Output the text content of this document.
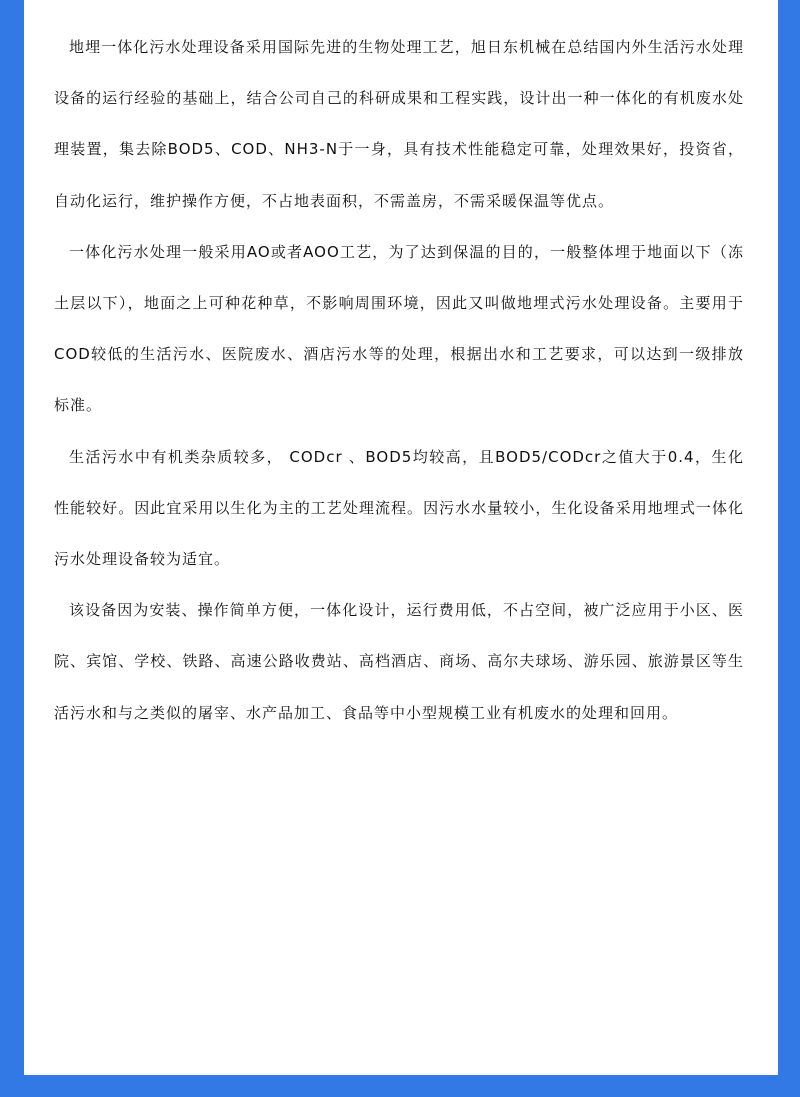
地埋一体化污水处理设备采用国际先进的生物处理工艺，旭日东机械在总结国内外生活污水处理设备的运行经验的基础上，结合公司自己的科研成果和工程实践，设计出一种一体化的有机废水处理装置，集去除BOD5、COD、NH3-N于一身，具有技术性能稳定可靠，处理效果好，投资省，自动化运行，维护操作方便，不占地表面积，不需盖房，不需采暖保温等优点。

一体化污水处理一般采用AO或者AOO工艺，为了达到保温的目的，一般整体埋于地面以下（冻土层以下），地面之上可种花种草，不影响周围环境，因此又叫做地埋式污水处理设备。主要用于COD较低的生活污水、医院废水、酒店污水等的处理，根据出水和工艺要求，可以达到一级排放标准。

生活污水中有机类杂质较多， CODcr 、BOD5均较高，且BOD5/CODcr之值大于0.4，生化性能较好。因此宜采用以生化为主的工艺处理流程。因污水水量较小，生化设备采用地埋式一体化污水处理设备较为适宜。

该设备因为安装、操作简单方便，一体化设计，运行费用低，不占空间，被广泛应用于小区、医院、宾馆、学校、铁路、高速公路收费站、高档酒店、商场、高尔夫球场、游乐园、旅游景区等生活污水和与之类似的屠宰、水产品加工、食品等中小型规模工业有机废水的处理和回用。
